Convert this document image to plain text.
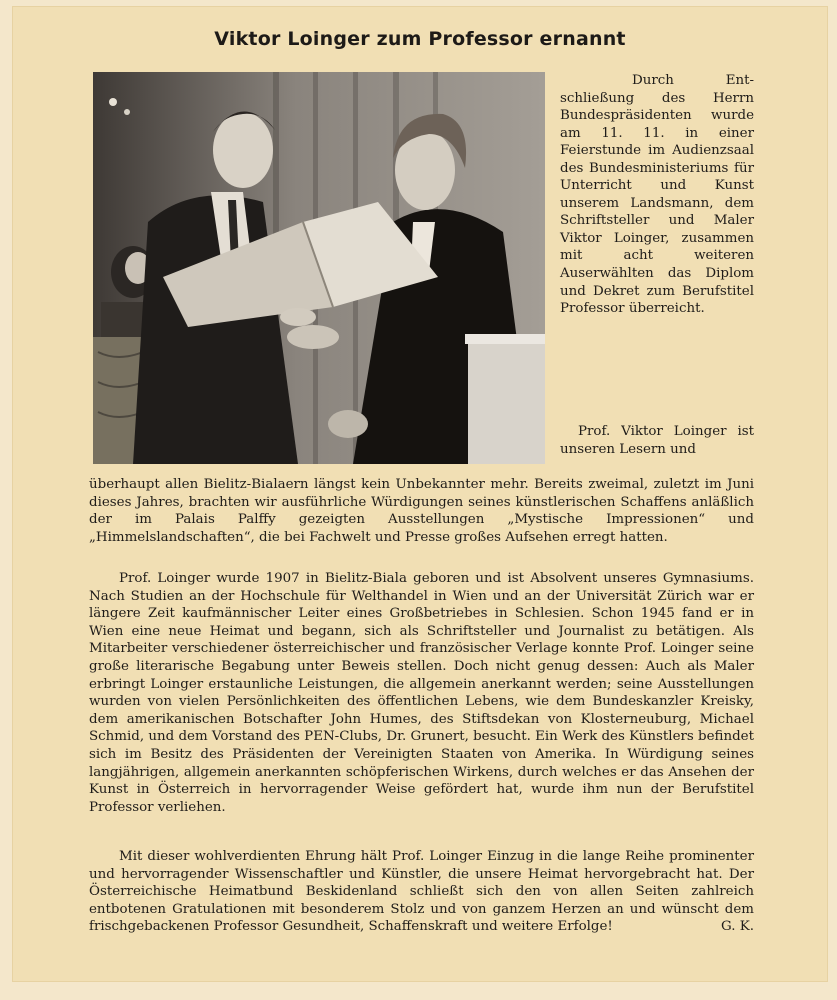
Viktor Loinger zum Professor ernannt

Durch Entschließung des Herrn Bundespräsidenten wurde am 11. 11. in einer Feierstunde im Audienzsaal des Bundesministeriums für Unterricht und Kunst unserem Landsmann, dem Schriftsteller und Maler Viktor Loinger, zusammen mit acht weiteren Auserwählten das Diplom und Dekret zum Berufstitel Professor überreicht.

Prof. Viktor Loinger ist unseren Lesern und

überhaupt allen Bielitz-Bialaern längst kein Unbekannter mehr. Bereits zweimal, zuletzt im Juni dieses Jahres, brachten wir ausführliche Würdigungen seines künstlerischen Schaffens anläßlich der im Palais Palffy gezeigten Ausstellungen „Mystische Impressionen“ und „Himmelslandschaften“, die bei Fachwelt und Presse großes Aufsehen erregt hatten.

Prof. Loinger wurde 1907 in Bielitz-Biala geboren und ist Absolvent unseres Gymnasiums. Nach Studien an der Hochschule für Welthandel in Wien und an der Universität Zürich war er längere Zeit kaufmännischer Leiter eines Großbetriebes in Schlesien. Schon 1945 fand er in Wien eine neue Heimat und begann, sich als Schriftsteller und Journalist zu betätigen. Als Mitarbeiter verschiedener österreichischer und französischer Verlage konnte Prof. Loinger seine große literarische Begabung unter Beweis stellen. Doch nicht genug dessen: Auch als Maler erbringt Loinger erstaunliche Leistungen, die allgemein anerkannt werden; seine Ausstellungen wurden von vielen Persönlichkeiten des öffentlichen Lebens, wie dem Bundeskanzler Kreisky, dem amerikanischen Botschafter John Humes, des Stiftsdekan von Klosterneuburg, Michael Schmid, und dem Vorstand des PEN-Clubs, Dr. Grunert, besucht. Ein Werk des Künstlers befindet sich im Besitz des Präsidenten der Vereinigten Staaten von Amerika. In Würdigung seines langjährigen, allgemein anerkannten schöpferischen Wirkens, durch welches er das Ansehen der Kunst in Österreich in hervorragender Weise gefördert hat, wurde ihm nun der Berufstitel Professor verliehen.

Mit dieser wohlverdienten Ehrung hält Prof. Loinger Einzug in die lange Reihe prominenter und hervorragender Wissenschaftler und Künstler, die unsere Heimat hervorgebracht hat. Der Österreichische Heimatbund Beskidenland schließt sich den von allen Seiten zahlreich entbotenen Gratulationen mit besonderem Stolz und von ganzem Herzen an und wünscht dem frischgebackenen Professor Gesundheit, Schaffenskraft und weitere Erfolge!	G. K.
